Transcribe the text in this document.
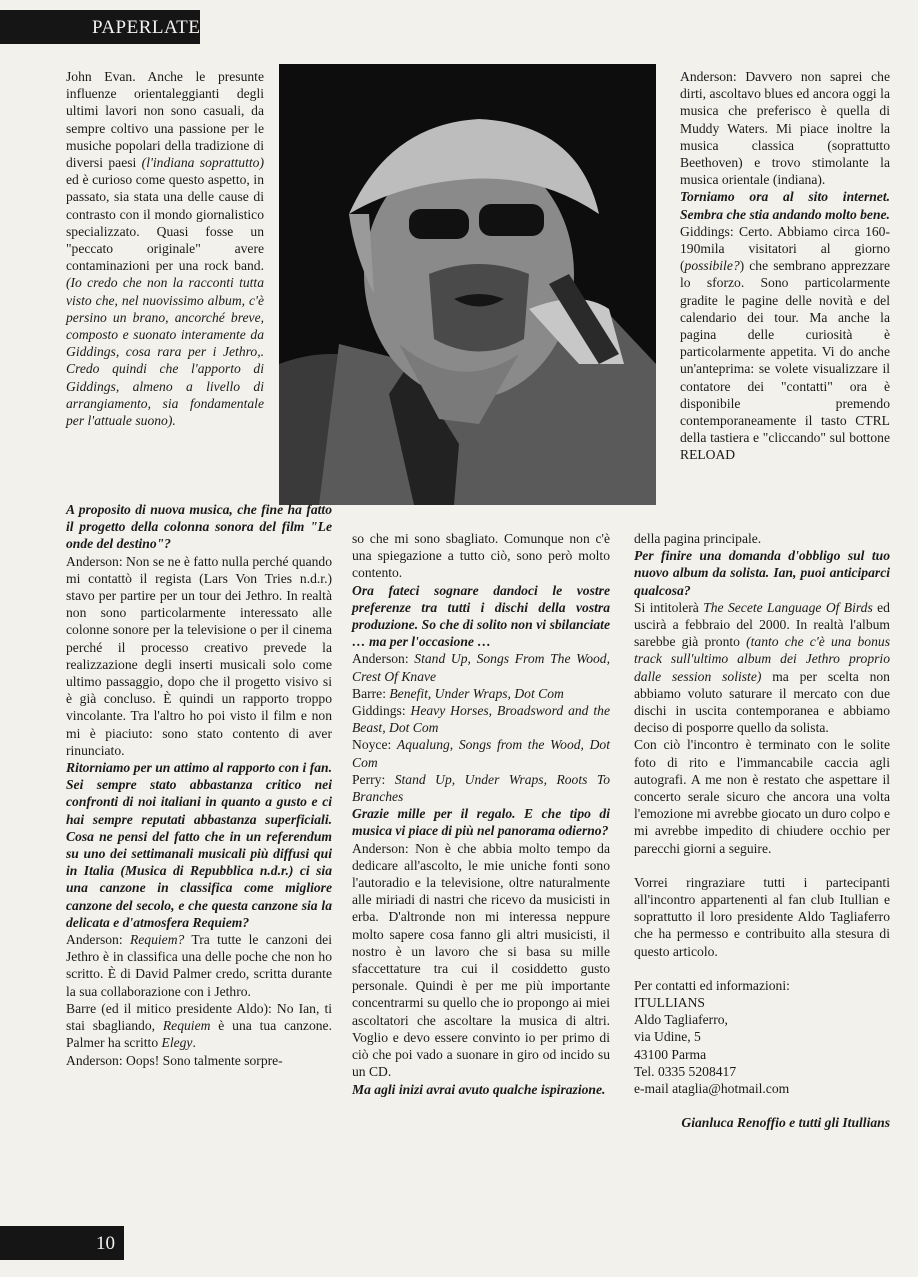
PAPERLATE

John Evan. Anche le presunte influenze orientaleggianti degli ultimi lavori non sono casuali, da sempre coltivo una passione per le musiche popolari della tradizione di diversi paesi (l'indiana soprattutto) ed è curioso come questo aspetto, in passato, sia stata una delle cause di contrasto con il mondo giornalistico specializzato. Quasi fosse un "peccato originale" avere contaminazioni per una rock band. (Io credo che non la racconti tutta visto che, nel nuovissimo album, c'è persino un brano, ancorché breve, composto e suonato interamente da Giddings, cosa rara per i Jethro,. Credo quindi che l'apporto di Giddings, almeno a livello di arrangiamento, sia fondamentale per l'attuale suono).

A proposito di nuova musica, che fine ha fatto il progetto della colonna sonora del film "Le onde del destino"?

Anderson: Non se ne è fatto nulla perché quando mi contattò il regista (Lars Von Tries n.d.r.) stavo per partire per un tour dei Jethro. In realtà non sono particolarmente interessato alle colonne sonore per la televisione o per il cinema perché il processo creativo prevede la realizzazione degli inserti musicali solo come ultimo passaggio, dopo che il progetto visivo si è già concluso. È quindi un rapporto troppo vincolante. Tra l'altro ho poi visto il film e non mi è piaciuto: sono stato contento di aver rinunciato.

Ritorniamo per un attimo al rapporto con i fan. Sei sempre stato abbastanza critico nei confronti di noi italiani in quanto a gusto e ci hai sempre reputati abbastanza superficiali. Cosa ne pensi del fatto che in un referendum su uno dei settimanali musicali più diffusi qui in Italia (Musica di Repubblica n.d.r.) ci sia una canzone in classifica come migliore canzone del secolo, e che questa canzone sia la delicata e d'atmosfera Requiem?

Anderson: Requiem? Tra tutte le canzoni dei Jethro è in classifica una delle poche che non ho scritto. È di David Palmer credo, scritta durante la sua collaborazione con i Jethro.

Barre (ed il mitico presidente Aldo): No Ian, ti stai sbagliando, Requiem è una tua canzone. Palmer ha scritto Elegy.

Anderson: Oops! Sono talmente sorpre-

so che mi sono sbagliato. Comunque non c'è una spiegazione a tutto ciò, sono però molto contento.

Ora fateci sognare dandoci le vostre preferenze tra tutti i dischi della vostra produzione. So che di solito non vi sbilanciate … ma per l'occasione …

Anderson: Stand Up, Songs From The Wood, Crest Of Knave

Barre: Benefit, Under Wraps, Dot Com

Giddings: Heavy Horses, Broadsword and the Beast, Dot Com

Noyce: Aqualung, Songs from the Wood, Dot Com

Perry: Stand Up, Under Wraps, Roots To Branches

Grazie mille per il regalo. E che tipo di musica vi piace di più nel panorama odierno?

Anderson: Non è che abbia molto tempo da dedicare all'ascolto, le mie uniche fonti sono l'autoradio e la televisione, oltre naturalmente alle miriadi di nastri che ricevo da musicisti in erba. D'altronde non mi interessa neppure molto sapere cosa fanno gli altri musicisti, il nostro è un lavoro che si basa su mille sfaccettature tra cui il cosiddetto gusto personale. Quindi è per me più importante concentrarmi su quello che io propongo ai miei ascoltatori che ascoltare la musica di altri. Voglio e devo essere convinto io per primo di ciò che poi vado a suonare in giro od incido su un CD.

Ma agli inizi avrai avuto qualche ispirazione.

Anderson: Davvero non saprei che dirti, ascoltavo blues ed ancora oggi la musica che preferisco è quella di Muddy Waters. Mi piace inoltre la musica classica (soprattutto Beethoven) e trovo stimolante la musica orientale (indiana).

Torniamo ora al sito internet. Sembra che stia andando molto bene.

Giddings: Certo. Abbiamo circa 160-190mila visitatori al giorno (possibile?) che sembrano apprezzare lo sforzo. Sono particolarmente gradite le pagine delle novità e del calendario dei tour. Ma anche la pagina delle curiosità è particolarmente appetita. Vi do anche un'anteprima: se volete visualizzare il contatore dei "contatti" ora è disponibile premendo contemporaneamente il tasto CTRL della tastiera e "cliccando" sul bottone RELOAD

della pagina principale.

Per finire una domanda d'obbligo sul tuo nuovo album da solista. Ian, puoi anticiparci qualcosa?

Si intitolerà The Secete Language Of Birds ed uscirà a febbraio del 2000. In realtà l'album sarebbe già pronto (tanto che c'è una bonus track sull'ultimo album dei Jethro proprio dalle session soliste) ma per scelta non abbiamo voluto saturare il mercato con due dischi in uscita contemporanea e abbiamo deciso di posporre quello da solista.

Con ciò l'incontro è terminato con le solite foto di rito e l'immancabile caccia agli autografi. A me non è restato che aspettare il concerto serale sicuro che ancora una volta l'emozione mi avrebbe giocato un duro colpo e mi avrebbe impedito di chiudere occhio per parecchi giorni a seguire.

Vorrei ringraziare tutti i partecipanti all'incontro appartenenti al fan club Itullian e soprattutto il loro presidente Aldo Tagliaferro che ha permesso e contribuito alla stesura di questo articolo.

Per contatti ed informazioni:

ITULLIANS

Aldo Tagliaferro,

via Udine, 5

43100 Parma

Tel. 0335 5208417

e-mail ataglia@hotmail.com

Gianluca Renoffio e tutti gli Itullians

10
